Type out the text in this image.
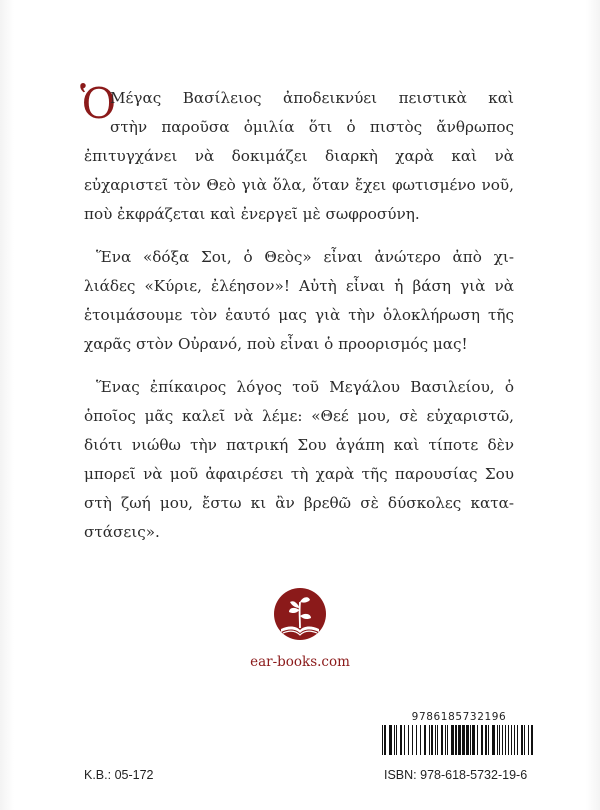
Ὁ

Μέγας Βασίλειος ἀποδεικνύει πειστικὰ καὶ
στὴν παροῦσα ὁμιλία ὅτι ὁ πιστὸς ἄνθρωπος
ἐπιτυγχάνει νὰ δοκιμάζει διαρκὴ χαρὰ καὶ νὰ
εὐχαριστεῖ τὸν Θεὸ γιὰ ὅλα, ὅταν ἔχει φωτισμένο νοῦ,
ποὺ ἐκφράζεται καὶ ἐνεργεῖ μὲ σωφροσύνη.

Ἕνα «δόξα Σοι, ὁ Θεὸς» εἶναι ἀνώτερο ἀπὸ χι-
λιάδες «Κύριε, ἐλέησον»! Αὐτὴ εἶναι ἡ βάση γιὰ νὰ
ἑτοιμάσουμε τὸν ἑαυτό μας γιὰ τὴν ὁλοκλήρωση τῆς
χαρᾶς στὸν Οὐρανό, ποὺ εἶναι ὁ προορισμός μας!

Ἕνας ἐπίκαιρος λόγος τοῦ Μεγάλου Βασιλείου, ὁ
ὁποῖος μᾶς καλεῖ νὰ λέμε: «Θεέ μου, σὲ εὐχαριστῶ,
διότι νιώθω τὴν πατρική Σου ἀγάπη καὶ τίποτε δὲν
μπορεῖ νὰ μοῦ ἀφαιρέσει τὴ χαρὰ τῆς παρουσίας Σου
στὴ ζωή μου, ἔστω κι ἂν βρεθῶ σὲ δύσκολες κατα-
στάσεις».

ear-books.com
9786185732196
K.B.: 05-172	ISBN: 978-618-5732-19-6
